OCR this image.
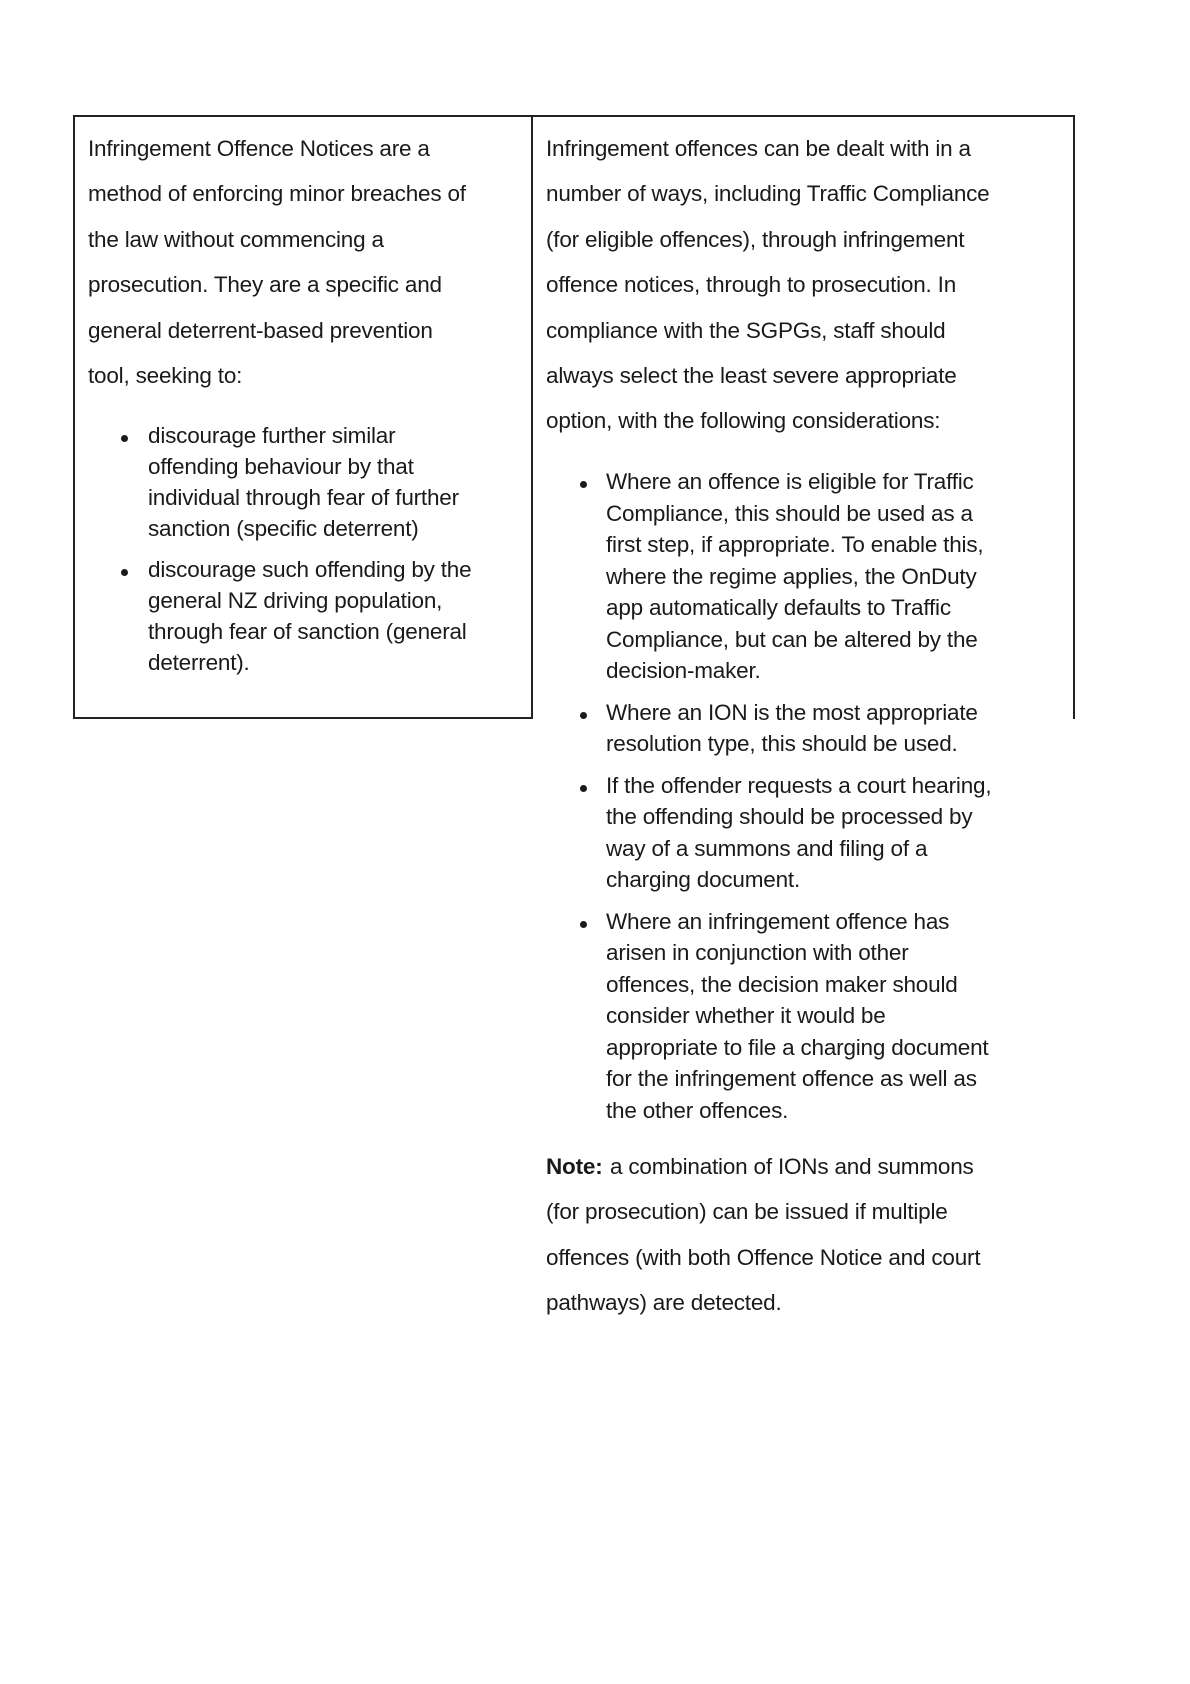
Infringement Offence Notices are a
method of enforcing minor breaches of
the law without commencing a
prosecution. They are a specific and
general deterrent-based prevention
tool, seeking to:
discourage further similar
offending behaviour by that
individual through fear of further
sanction (specific deterrent)
discourage such offending by the
general NZ driving population,
through fear of sanction (general
deterrent).
Infringement offences can be dealt with in a
number of ways, including Traffic Compliance
(for eligible offences), through infringement
offence notices, through to prosecution. In
compliance with the SGPGs, staff should
always select the least severe appropriate
option, with the following considerations:
Where an offence is eligible for Traffic
Compliance, this should be used as a
first step, if appropriate. To enable this,
where the regime applies, the OnDuty
app automatically defaults to Traffic
Compliance, but can be altered by the
decision-maker.
Where an ION is the most appropriate
resolution type, this should be used.
If the offender requests a court hearing,
the offending should be processed by
way of a summons and filing of a
charging document.
Where an infringement offence has
arisen in conjunction with other
offences, the decision maker should
consider whether it would be
appropriate to file a charging document
for the infringement offence as well as
the other offences.
Note: a combination of IONs and summons
(for prosecution) can be issued if multiple
offences (with both Offence Notice and court
pathways) are detected.
